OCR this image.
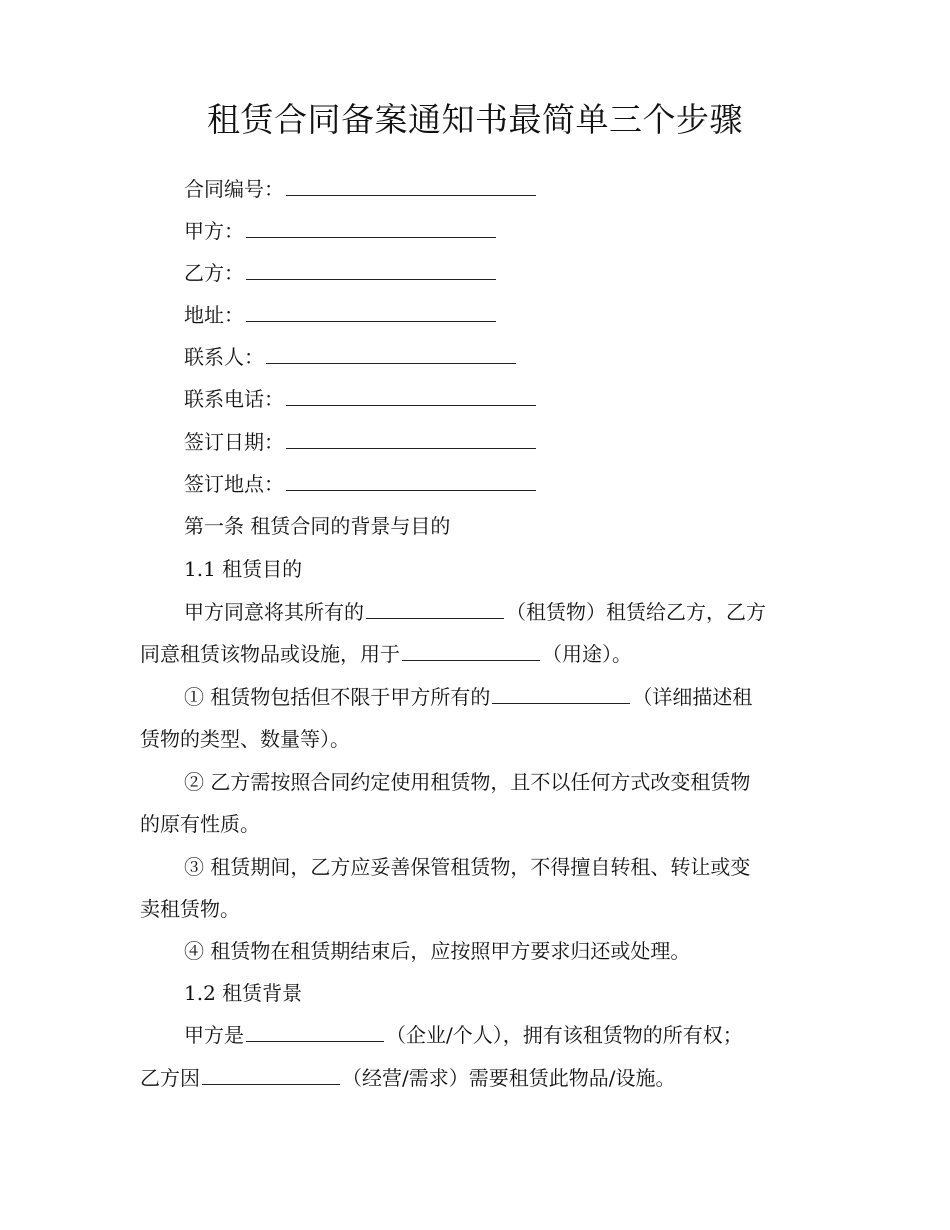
租赁合同备案通知书最简单三个步骤
合同编号：
甲方：
乙方：
地址：
联系人：
联系电话：
签订日期：
签订地点：
第一条 租赁合同的背景与目的
1.1 租赁目的
甲方同意将其所有的	（租赁物）租赁给乙方，乙方
同意租赁该物品或设施，用于	（用途）。
① 租赁物包括但不限于甲方所有的	（详细描述租
赁物的类型、数量等）。
② 乙方需按照合同约定使用租赁物，且不以任何方式改变租赁物
的原有性质。
③ 租赁期间，乙方应妥善保管租赁物，不得擅自转租、转让或变
卖租赁物。
④ 租赁物在租赁期结束后，应按照甲方要求归还或处理。
1.2 租赁背景
甲方是	（企业/个人），拥有该租赁物的所有权；
乙方因	（经营/需求）需要租赁此物品/设施。
